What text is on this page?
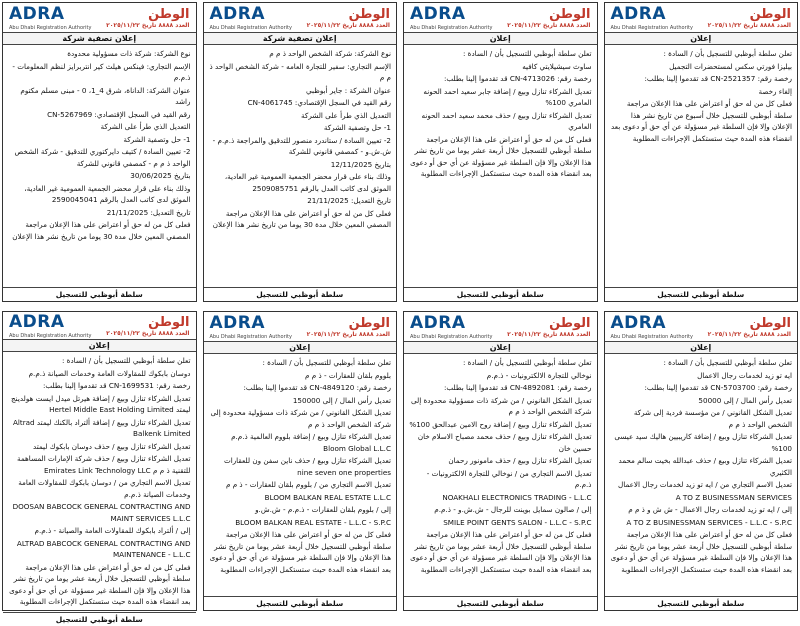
ADRA
Abu Dhabi Registration Authority
الوطن
العدد ٨٨٨٨ تاريخ ٢٠٢٥/١١/٢٢
إعلان

تعلن سلطة أبوظبي للتسجيل بأن / السادة :

بيليزا فورتي سكس لمستحضرات التجميل

رخصة رقم: CN-2521357 قد تقدموا إلينا بطلب:

إلغاء رخصة

فعلى كل من له حق أو اعتراض على هذا الإعلان مراجعة سلطة أبوظبي للتسجيل خلال أسبوع من تاريخ نشر هذا الإعلان وإلا فإن السلطة غير مسؤولة عن أي حق أو دعوى بعد انقضاء هذه المدة حيث ستستكمل الإجراءات المطلوبة

سلطة أبوظبي للتسجيل
ADRA
Abu Dhabi Registration Authority
الوطن
العدد ٨٨٨٨ تاريخ ٢٠٢٥/١١/٢٢
إعلان

تعلن سلطة أبوظبي للتسجيل بأن / السادة :

ساوث سيشيلايتي كافيه

رخصة رقم: CN-4713026 قد تقدموا إلينا بطلب:

تعديل الشركاء تنازل وبيع / إضافة جابر سعيد احمد الحونه العامري 100%

تعديل الشركاء تنازل وبيع / حذف محمد سعيد احمد الحونه العامري

فعلى كل من له حق أو اعتراض على هذا الإعلان مراجعة سلطة أبوظبي للتسجيل خلال أربعة عشر يوما من تاريخ نشر هذا الإعلان وإلا فإن السلطة غير مسؤولة عن أي حق أو دعوى بعد انقضاء هذه المدة حيث ستستكمل الإجراءات المطلوبة

سلطة أبوظبي للتسجيل
ADRA
Abu Dhabi Registration Authority
الوطن
العدد ٨٨٨٨ تاريخ ٢٠٢٥/١١/٢٢
إعلان تصفية شركة

نوع الشركة: شركة الشخص الواحد ذ م م

الإسم التجاري: سفير للتجارة العامه - شركة الشخص الواحد ذ م م

عنوان الشركة : جاير أبوظبي

رقم القيد في السجل الإقتصادي: CN-4061745

التعديل الذي طرأ على الشركة

1- حل وتصفية الشركة

2- تعيين السادة / ستاندرد منصور للتدقيق والمراجعة ذ.م.م - ش.ش.و - كمصفي قانوني للشركة

بتاريخ 12/11/2025

وذلك بناء على قرار محضر الجمعية العمومية غير العادية، الموثق لدى كاتب العدل بالرقم 2509085751

تاريخ التعديل: 21/11/2025

فعلى كل من له حق أو اعتراض على هذا الإعلان مراجعة المصفي المعين خلال مدة 30 يوما من تاريخ نشر هذا الإعلان

سلطة أبوظبي للتسجيل
ADRA
Abu Dhabi Registration Authority
الوطن
العدد ٨٨٨٨ تاريخ ٢٠٢٥/١١/٢٢
إعلان تصفية شركة

نوع الشركة: شركة ذات مسؤولية محدودة

الإسم التجاري: فينكس هيلث كير انتربرايز لنظم المعلومات - ذ.م.م

عنوان الشركة: الداناة، شرق 4_1، 0 - مبنى مسلم مكتوم راشد

رقم القيد في السجل الإقتصادي: CN-5267969

التعديل الذي طرأ على الشركة

1- حل وتصفية الشركة

2- تعيين السادة / كتيف دايركتوري للتدقيق - شركة الشخص الواحد ذ م م - كمصفي قانوني للشركة

بتاريخ 30/06/2025

وذلك بناء على قرار محضر الجمعية العمومية غير العادية، الموثق لدى كاتب العدل بالرقم 2590045041

تاريخ التعديل: 21/11/2025

فعلى كل من له حق أو اعتراض على هذا الإعلان مراجعة المصفي المعين خلال مدة 30 يوما من تاريخ نشر هذا الإعلان

سلطة أبوظبي للتسجيل
ADRA
Abu Dhabi Registration Authority
الوطن
العدد ٨٨٨٨ تاريخ ٢٠٢٥/١١/٢٢
إعلان

تعلن سلطة أبوظبي للتسجيل بأن / السادة :

ايه تو زيد لخدمات رجال الاعمال

رخصة رقم: CN-5703700 قد تقدموا إلينا بطلب:

تعديل رأس المال / إلى 50000

تعديل الشكل القانوني / من مؤسسة فردية إلى شركة الشخص الواحد ذ م م

تعديل الشركاء تنازل وبيع / إضافة كاريبيين هاليك سيد عيسى 100%

تعديل الشركاء تنازل وبيع / حذف عبدالله بخيت سالم محمد الكثيري

تعديل الاسم التجاري من / ايه تو زيد لخدمات رجال الاعمال

A TO Z BUSINESSMAN SERVICES

إلى / ايه تو زيد لخدمات رجال الاعمال - ش ش و ذ م م

A TO Z BUSINESSMAN SERVICES - L.L.C - S.P.C

فعلى كل من له حق أو اعتراض على هذا الإعلان مراجعة سلطة أبوظبي للتسجيل خلال أربعة عشر يوما من تاريخ نشر هذا الإعلان وإلا فإن السلطة غير مسؤولة عن أي حق أو دعوى بعد انقضاء هذه المدة حيث ستستكمل الإجراءات المطلوبة

سلطة أبوظبي للتسجيل
ADRA
Abu Dhabi Registration Authority
الوطن
العدد ٨٨٨٨ تاريخ ٢٠٢٥/١١/٢٢
إعلان

تعلن سلطة أبوظبي للتسجيل بأن / السادة :

نوخالي للتجارة الالكترونيات - ذ.م.م

رخصة رقم: CN-4892081 قد تقدموا إلينا بطلب:

تعديل الشكل القانوني / من شركة ذات مسؤولية محدودة إلى شركة الشخص الواحد ذ م م

تعديل الشركاء تنازل وبيع / إضافة روح الامين عبدالحق 100%

تعديل الشركاء تنازل وبيع / حذف محمد مصباح الاسلام خان حسين خان

تعديل الشركاء تنازل وبيع / حذف مامونور رحمان

تعديل الاسم التجاري من / نوخالي للتجارة الالكترونيات - ذ.م.م

NOAKHALI ELECTRONICS TRADING - L.L.C

إلى / صالون سمايل بوينت للرجال - ش.ش.و - ذ.م.م

SMILE POINT GENTS SALON - L.L.C - S.P.C

فعلى كل من له حق أو اعتراض على هذا الإعلان مراجعة سلطة أبوظبي للتسجيل خلال أربعة عشر يوما من تاريخ نشر هذا الإعلان وإلا فإن السلطة غير مسؤولة عن أي حق أو دعوى بعد انقضاء هذه المدة حيث ستستكمل الإجراءات المطلوبة

سلطة أبوظبي للتسجيل
ADRA
Abu Dhabi Registration Authority
الوطن
العدد ٨٨٨٨ تاريخ ٢٠٢٥/١١/٢٢
إعلان

تعلن سلطة أبوظبي للتسجيل بأن / السادة :

بلووم بلقان للعقارات - ذ م م

رخصة رقم: CN-4849120 قد تقدموا إلينا بطلب:

تعديل رأس المال / إلى 150000

تعديل الشكل القانوني / من شركة ذات مسؤولية محدودة إلى شركة الشخص الواحد ذ م م

تعديل الشركاء تنازل وبيع / إضافة بلووم العالمية ذ.م.م Bloom Global L.L.C

تعديل الشركاء تنازل وبيع / حذف ناين سفن ون للعقارات nine seven one properties

تعديل الاسم التجاري من / بلووم بلقان للعقارات - ذ م م

BLOOM BALKAN REAL ESTATE L.L.C

إلى / بلووم بلقان للعقارات - ذ.م.م - ش.ش.و

BLOOM BALKAN REAL ESTATE - L.L.C - S.P.C

فعلى كل من له حق أو اعتراض على هذا الإعلان مراجعة سلطة أبوظبي للتسجيل خلال أربعة عشر يوما من تاريخ نشر هذا الإعلان وإلا فإن السلطة غير مسؤولة عن أي حق أو دعوى بعد انقضاء هذه المدة حيث ستستكمل الإجراءات المطلوبة

سلطة أبوظبي للتسجيل
ADRA
Abu Dhabi Registration Authority
الوطن
العدد ٨٨٨٨ تاريخ ٢٠٢٥/١١/٢٢
إعلان

تعلن سلطة أبوظبي للتسجيل بأن / السادة :

دوسان بابكوك للمقاولات العامة وخدمات الصيانة ذ.م.م

رخصة رقم: CN-1699531 قد تقدموا إلينا بطلب:

تعديل الشركاء تنازل وبيع / إضافة هيرتل ميدل ايست هولدينج ليمتد Hertel Middle East Holding Limited

تعديل الشركاء تنازل وبيع / إضافة ألتراد بالكنك ليمتد Altrad Balkenk Limited

تعديل الشركاء تنازل وبيع / حذف دوسان بابكوك ليمتد

تعديل الشركاء تنازل وبيع / حذف شركة الإمارات المساهمة للتقنية ذ م م Emirates Link Technology LLC

تعديل الاسم التجاري من / دوسان بابكوك للمقاولات العامة وخدمات الصيانة ذ.م.م

DOOSAN BABCOCK GENERAL CONTRACTING AND MAINT SERVICES L.L.C

إلى / ألتراد بابكوك للمقاولات العامة والصيانة - ذ.م.م

ALTRAD BABCOCK GENERAL CONTRACTING AND MAINTENANCE - L.L.C

فعلى كل من له حق أو اعتراض على هذا الإعلان مراجعة سلطة أبوظبي للتسجيل خلال أربعة عشر يوما من تاريخ نشر هذا الإعلان وإلا فإن السلطة غير مسؤولة عن أي حق أو دعوى بعد انقضاء هذه المدة حيث ستستكمل الإجراءات المطلوبة

سلطة أبوظبي للتسجيل
